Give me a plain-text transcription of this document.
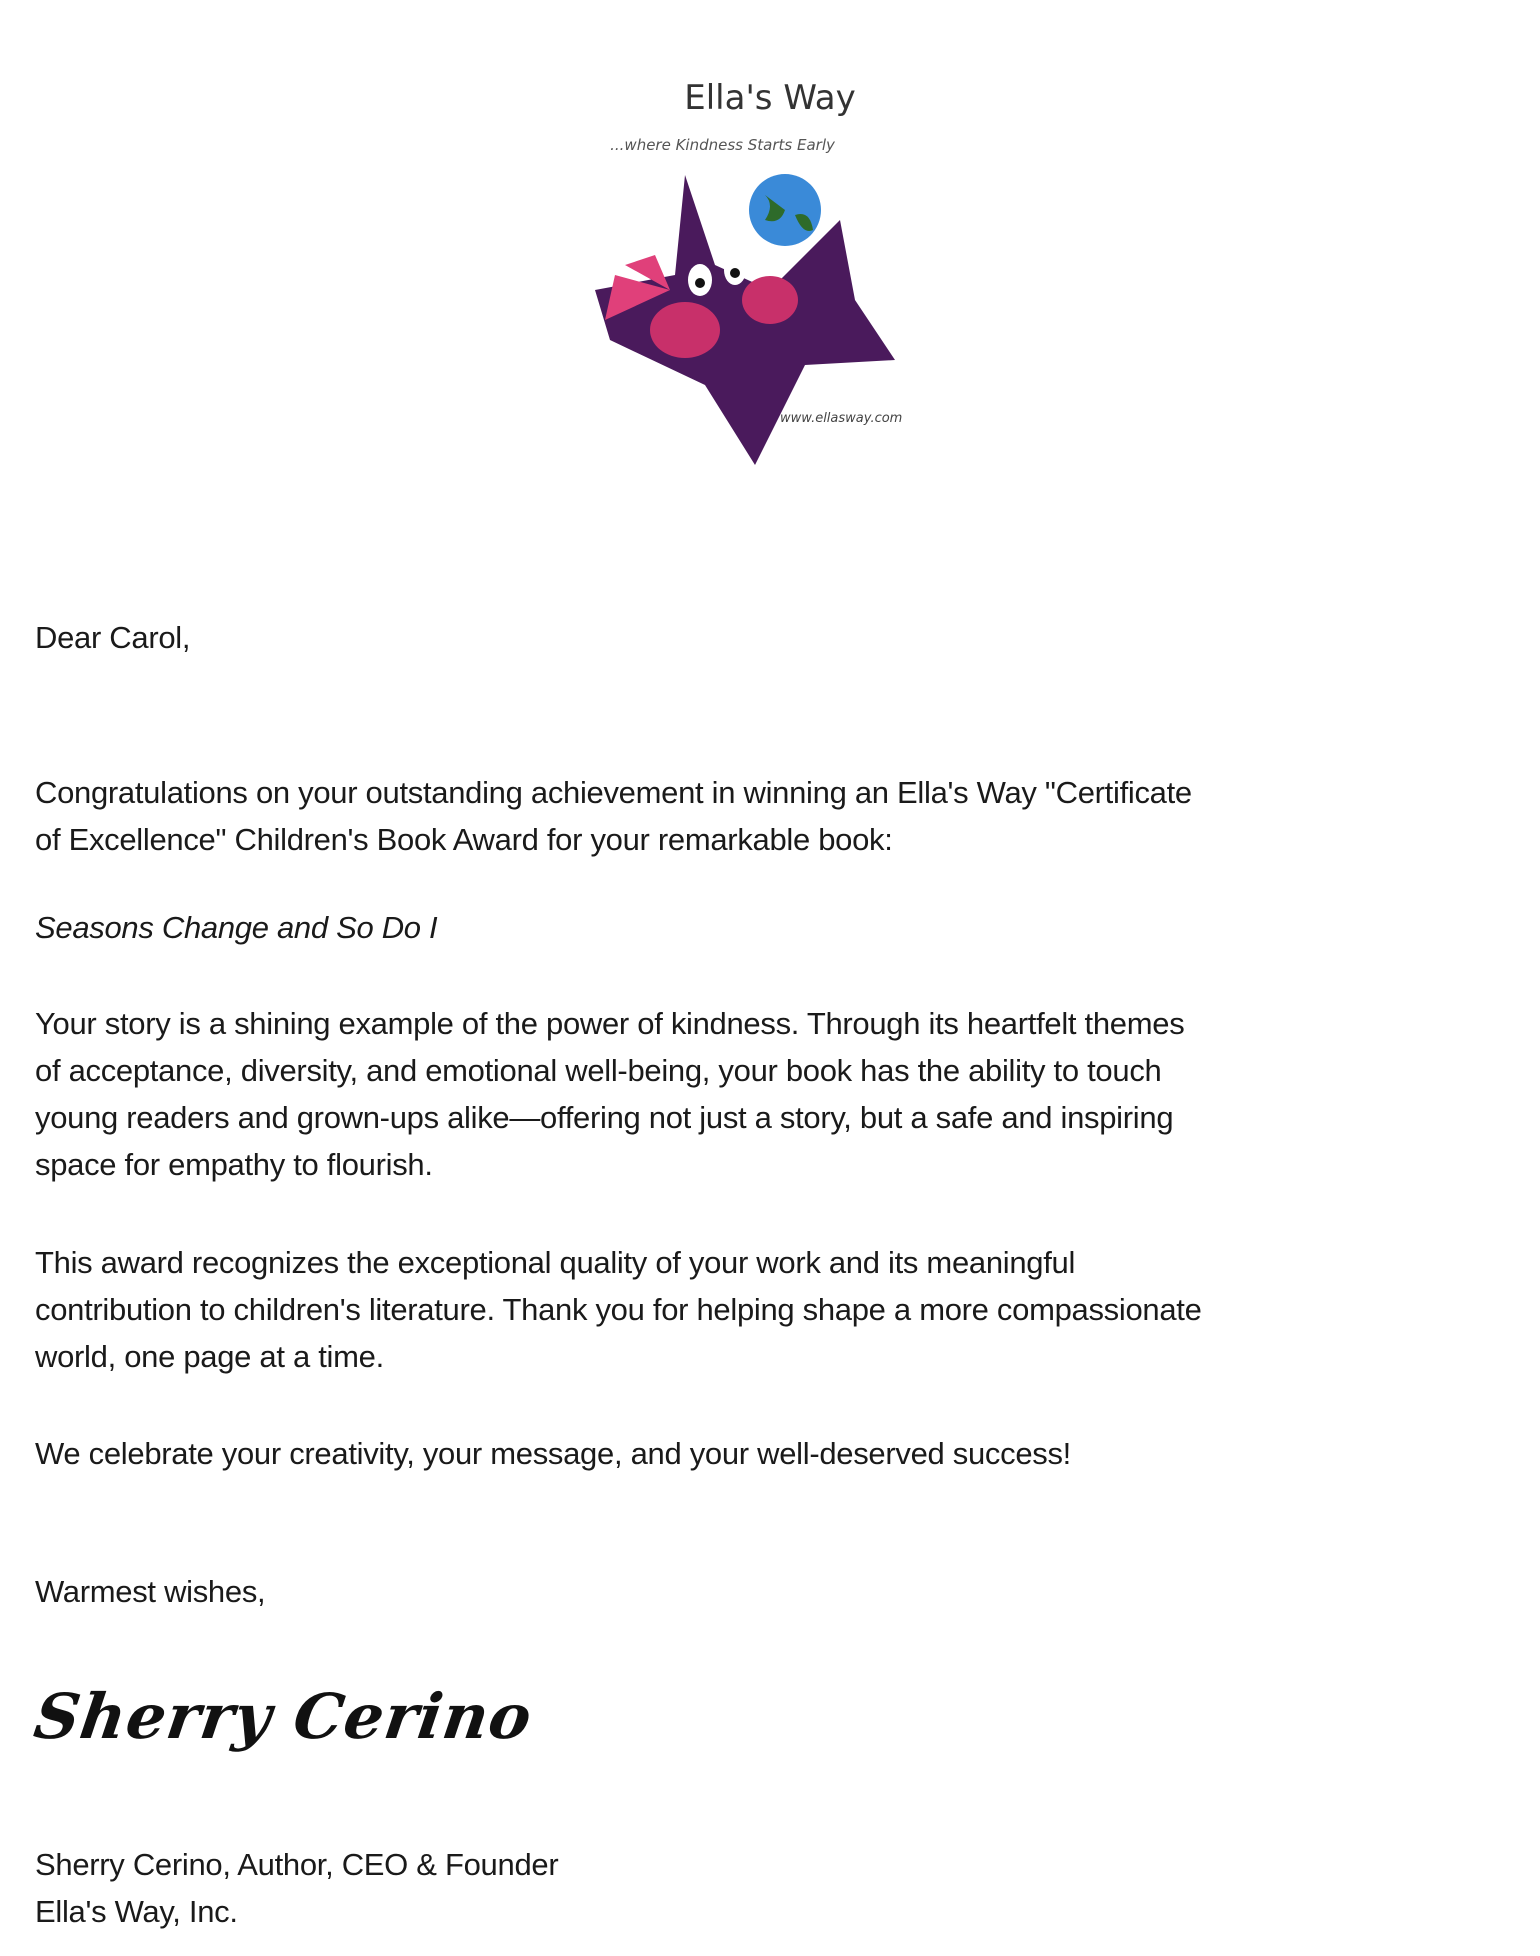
Ella's Way
...where Kindness Starts Early
www.ellasway.com
Dear Carol,
Congratulations on your outstanding achievement in winning an Ella's Way "Certificate
of Excellence" Children's Book Award for your remarkable book:
Seasons Change and So Do I
Your story is a shining example of the power of kindness. Through its heartfelt themes
of acceptance, diversity, and emotional well-being, your book has the ability to touch
young readers and grown-ups alike—offering not just a story, but a safe and inspiring
space for empathy to flourish.
This award recognizes the exceptional quality of your work and its meaningful
contribution to children's literature. Thank you for helping shape a more compassionate
world, one page at a time.
We celebrate your creativity, your message, and your well-deserved success!
Warmest wishes,
Sherry Cerino
Sherry Cerino, Author, CEO & Founder
Ella's Way, Inc.
